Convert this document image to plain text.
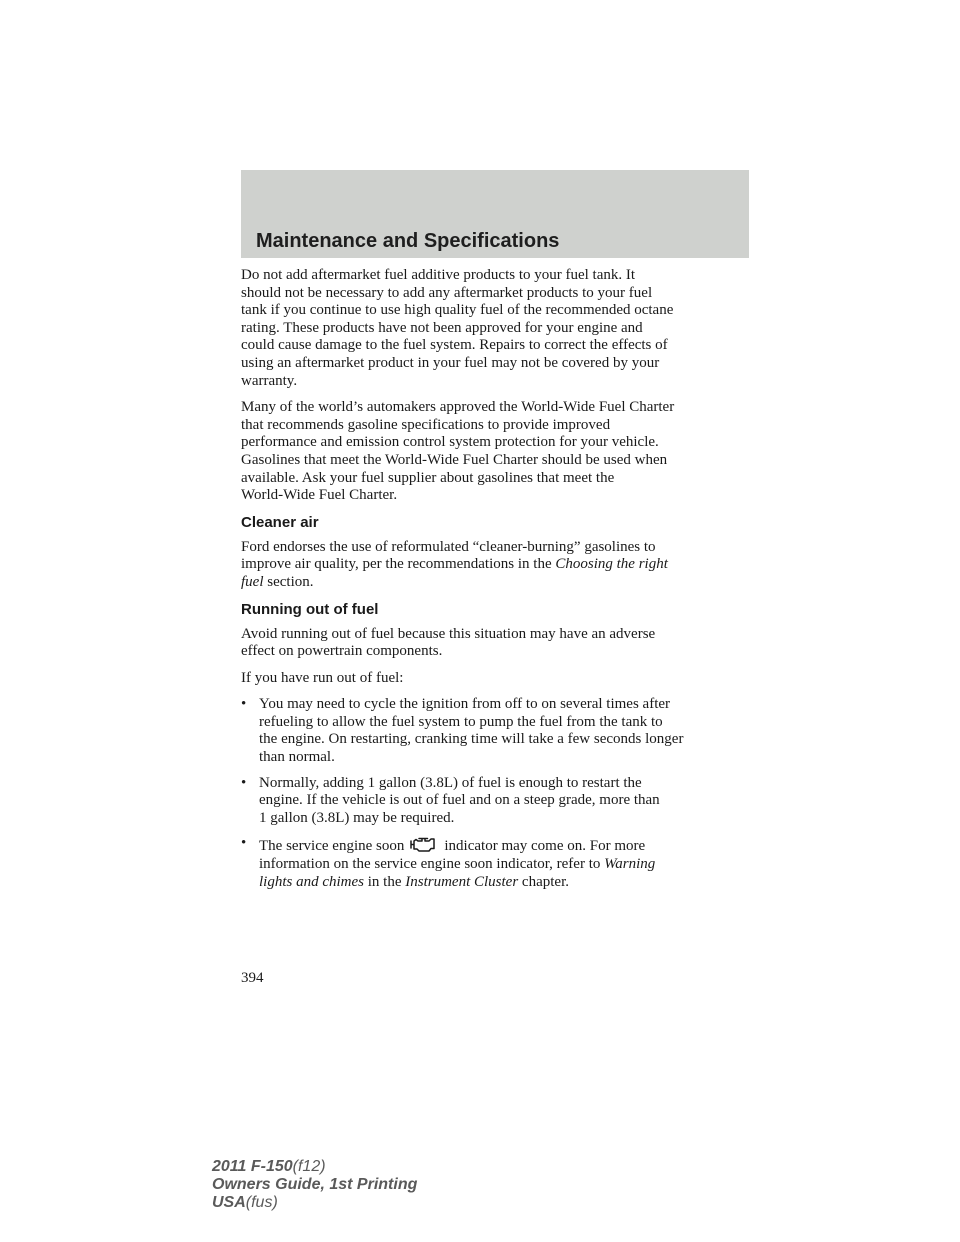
Maintenance and Specifications

Do not add aftermarket fuel additive products to your fuel tank. It
should not be necessary to add any aftermarket products to your fuel
tank if you continue to use high quality fuel of the recommended octane
rating. These products have not been approved for your engine and
could cause damage to the fuel system. Repairs to correct the effects of
using an aftermarket product in your fuel may not be covered by your
warranty.

Many of the world’s automakers approved the World-Wide Fuel Charter
that recommends gasoline specifications to provide improved
performance and emission control system protection for your vehicle.
Gasolines that meet the World-Wide Fuel Charter should be used when
available. Ask your fuel supplier about gasolines that meet the
World-Wide Fuel Charter.

Cleaner air

Ford endorses the use of reformulated “cleaner-burning” gasolines to
improve air quality, per the recommendations in the Choosing the right
fuel section.

Running out of fuel

Avoid running out of fuel because this situation may have an adverse
effect on powertrain components.

If you have run out of fuel:

• You may need to cycle the ignition from off to on several times after
refueling to allow the fuel system to pump the fuel from the tank to
the engine. On restarting, cranking time will take a few seconds longer
than normal.
• Normally, adding 1 gallon (3.8L) of fuel is enough to restart the
engine. If the vehicle is out of fuel and on a steep grade, more than
1 gallon (3.8L) may be required.
• The service engine soon	indicator may come on. For more
information on the service engine soon indicator, refer to Warning
lights and chimes in the Instrument Cluster chapter.
394
2011 F-150(f12)
Owners Guide, 1st Printing
USA(fus)
